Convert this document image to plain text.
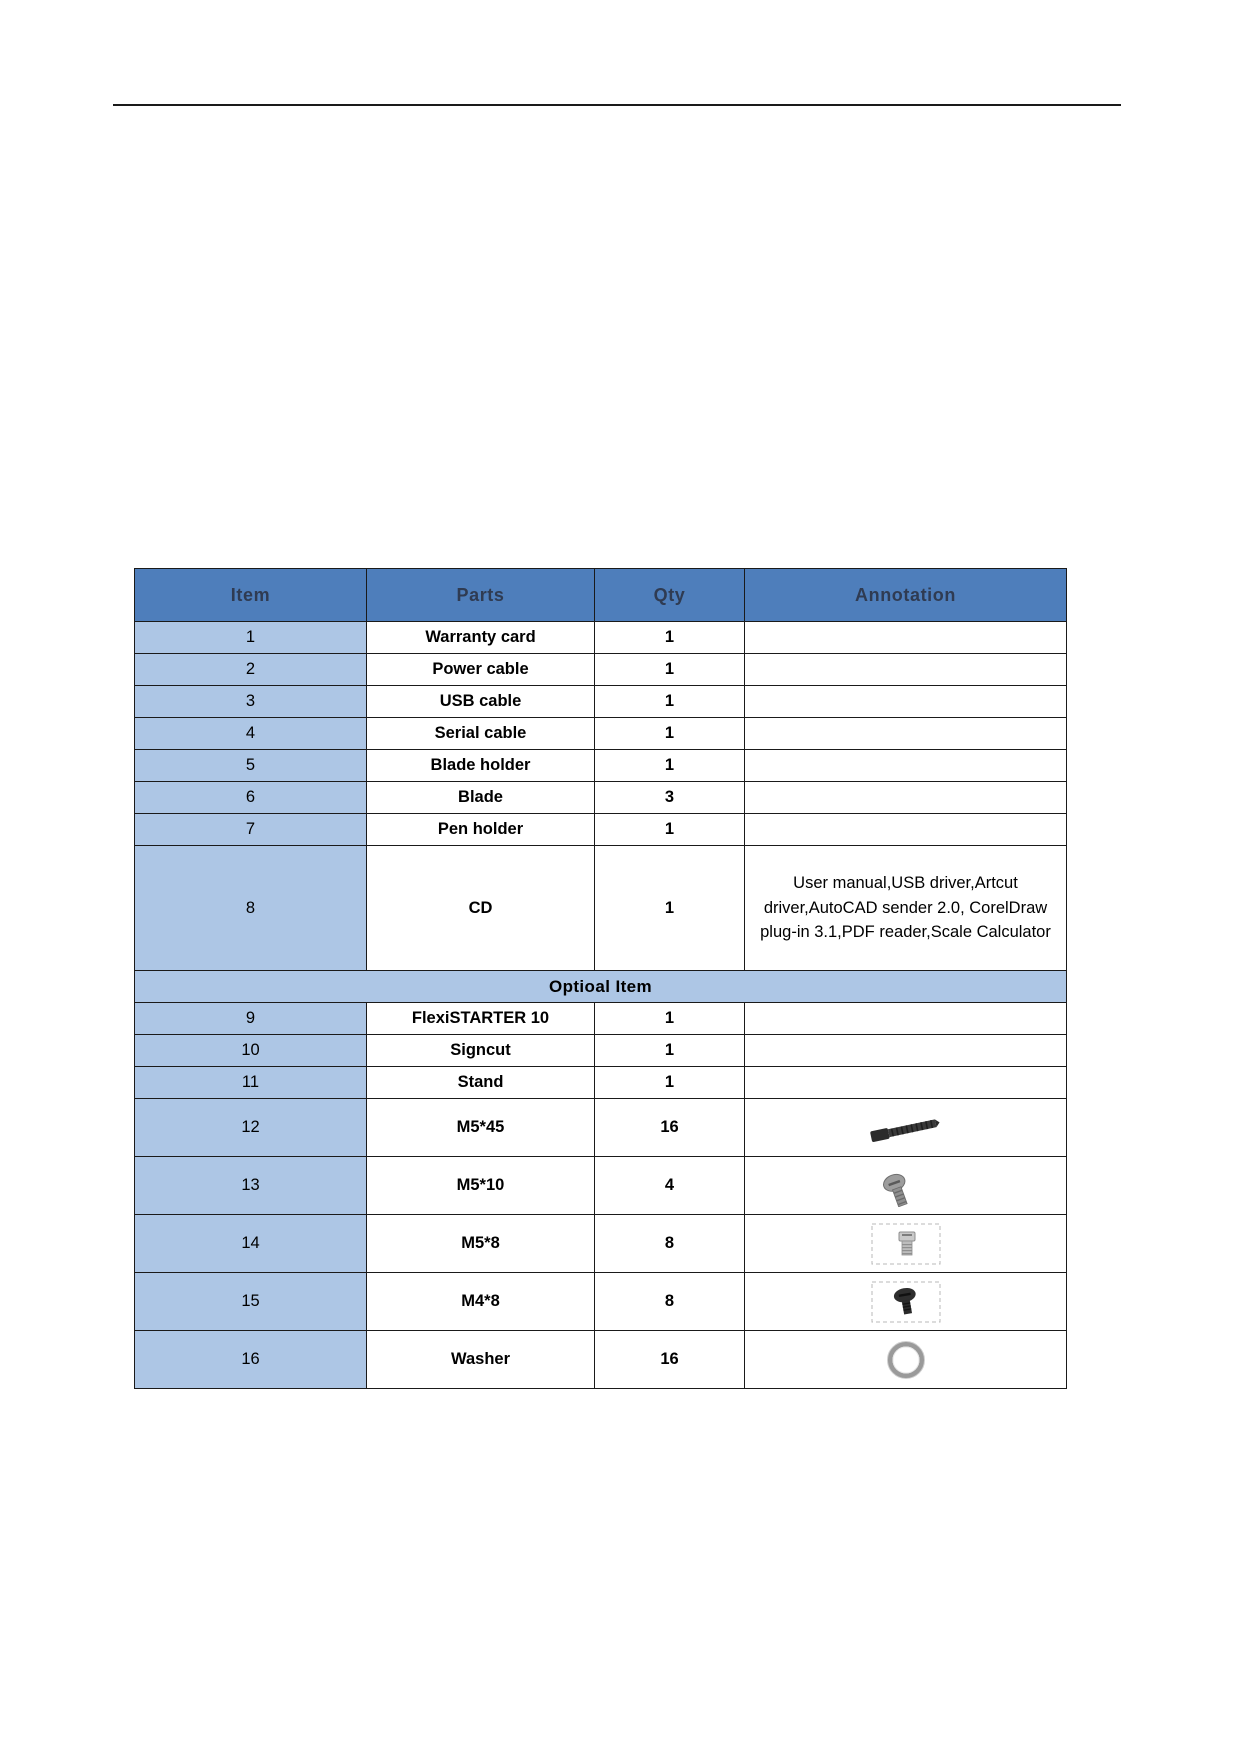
Item	Parts	Qty	Annotation
1	Warranty card	1	
2	Power cable	1	
3	USB cable	1	
4	Serial cable	1	
5	Blade holder	1	
6	Blade	3	
7	Pen holder	1	
8	CD	1	User manual,USB driver,Artcut driver,AutoCAD sender 2.0, CorelDraw plug-in 3.1,PDF reader,Scale Calculator
Optioal Item			
9	FlexiSTARTER 10	1	
10	Signcut	1	
11	Stand	1	
12	M5*45	16	

13	M5*10	4	

14	M5*8	8	

15	M4*8	8	

16	Washer	16	
